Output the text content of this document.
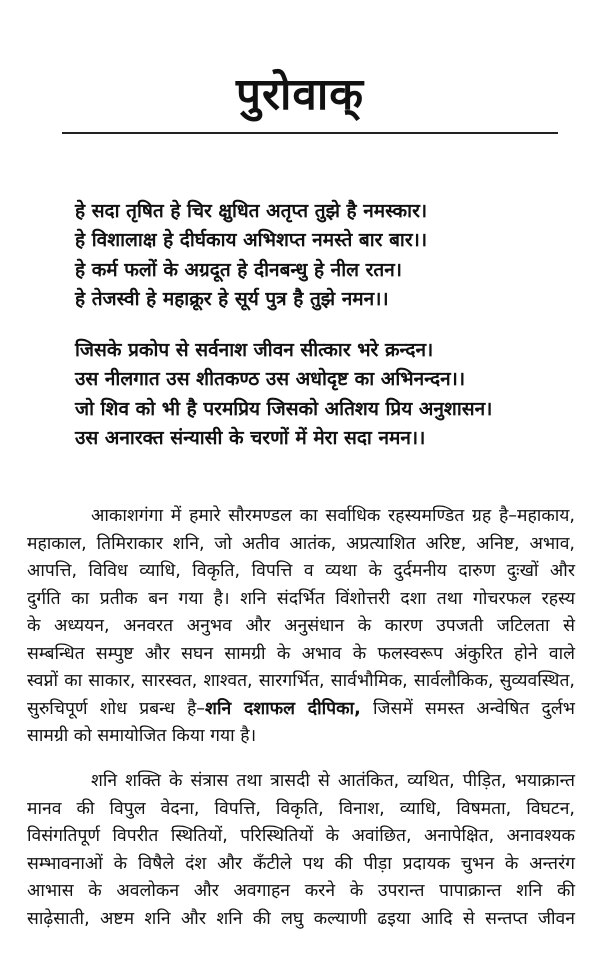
पुरोवाक्
हे सदा तृषित हे चिर क्षुधित अतृप्त तुझे है नमस्कार।
हे विशालाक्ष हे दीर्घकाय अभिशप्त नमस्ते बार बार।।
हे कर्म फलों के अग्रदूत हे दीनबन्धु हे नील रतन।
हे तेजस्वी हे महाक्रूर हे सूर्य पुत्र है तुझे नमन।।
जिसके प्रकोप से सर्वनाश जीवन सीत्कार भरे क्रन्दन।
उस नीलगात उस शीतकण्ठ उस अधोदृष्ट का अभिनन्दन।।
जो शिव को भी है परमप्रिय जिसको अतिशय प्रिय अनुशासन।
उस अनारक्त संन्यासी के चरणों में मेरा सदा नमन।।
आकाशगंगा में हमारे सौरमण्डल का सर्वाधिक रहस्यमण्डित ग्रह है–महाकाय,
महाकाल, तिमिराकार शनि, जो अतीव आतंक, अप्रत्याशित अरिष्ट, अनिष्ट, अभाव,
आपत्ति, विविध व्याधि, विकृति, विपत्ति व व्यथा के दुर्दमनीय दारुण दुःखों और
दुर्गति का प्रतीक बन गया है। शनि संदर्भित विंशोत्तरी दशा तथा गोचरफल रहस्य
के अध्ययन, अनवरत अनुभव और अनुसंधान के कारण उपजती जटिलता से
सम्बन्धित सम्पुष्ट और सघन सामग्री के अभाव के फलस्वरूप अंकुरित होने वाले
स्वप्नों का साकार, सारस्वत, शाश्वत, सारगर्भित, सार्वभौमिक, सार्वलौकिक, सुव्यवस्थित,
सुरुचिपूर्ण शोध प्रबन्ध है–शनि दशाफल दीपिका, जिसमें समस्त अन्वेषित दुर्लभ
सामग्री को समायोजित किया गया है।
शनि शक्ति के संत्रास तथा त्रासदी से आतंकित, व्यथित, पीड़ित, भयाक्रान्त
मानव की विपुल वेदना, विपत्ति, विकृति, विनाश, व्याधि, विषमता, विघटन,
विसंगतिपूर्ण विपरीत स्थितियों, परिस्थितियों के अवांछित, अनापेक्षित, अनावश्यक
सम्भावनाओं के विषैले दंश और कँटीले पथ की पीड़ा प्रदायक चुभन के अन्तरंग
आभास के अवलोकन और अवगाहन करने के उपरान्त पापाक्रान्त शनि की
साढ़ेसाती, अष्टम शनि और शनि की लघु कल्याणी ढइया आदि से सन्तप्त जीवन
